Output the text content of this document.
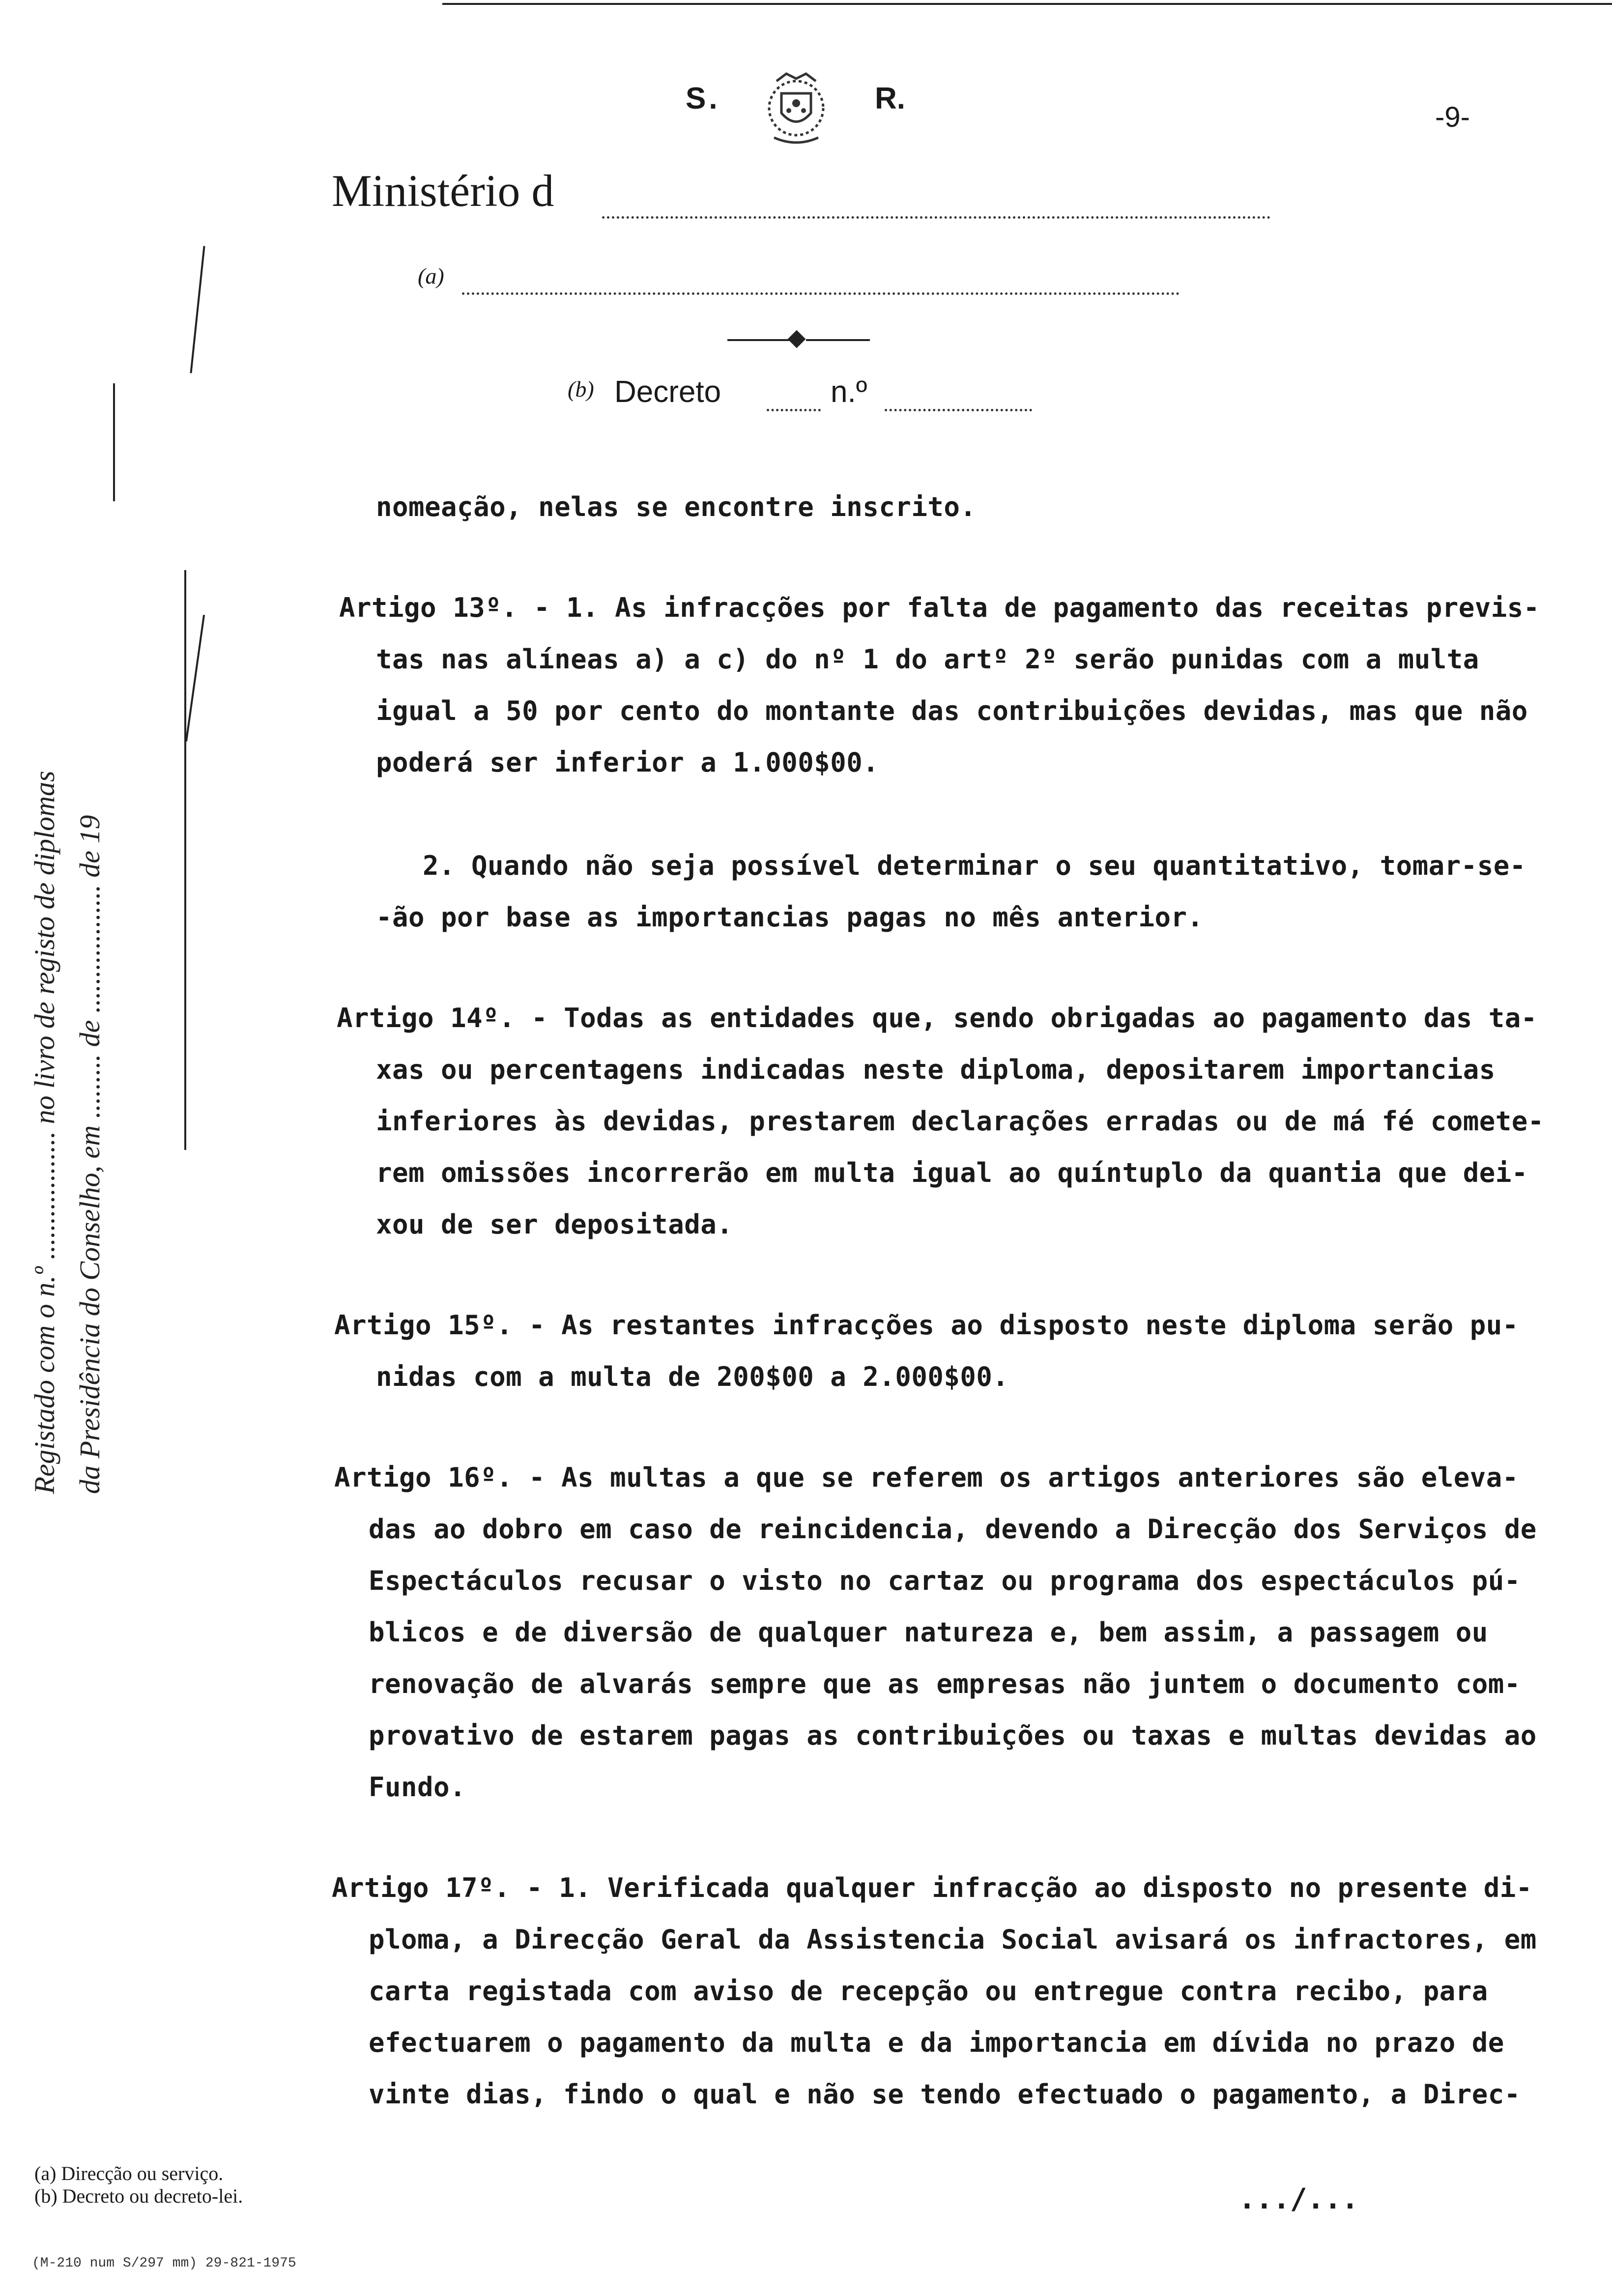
S.	R.
-9-
Ministério d
(a)
(b) Decreto	n.º
nomeação, nelas se encontre inscrito.
Artigo 13º. - 1. As infracções por falta de pagamento das receitas previs-
tas nas alíneas a) a c) do nº 1 do artº 2º serão punidas com a multa
igual a 50 por cento do montante das contribuições devidas, mas que não
poderá ser inferior a 1.000$00.
2. Quando não seja possível determinar o seu quantitativo, tomar-se-
-ão por base as importancias pagas no mês anterior.
Artigo 14º. - Todas as entidades que, sendo obrigadas ao pagamento das ta-
xas ou percentagens indicadas neste diploma, depositarem importancias
inferiores às devidas, prestarem declarações erradas ou de má fé comete-
rem omissões incorrerão em multa igual ao quíntuplo da quantia que dei-
xou de ser depositada.
Artigo 15º. - As restantes infracções ao disposto neste diploma serão pu-
nidas com a multa de 200$00 a 2.000$00.
Artigo 16º. - As multas a que se referem os artigos anteriores são eleva-
das ao dobro em caso de reincidencia, devendo a Direcção dos Serviços de
Espectáculos recusar o visto no cartaz ou programa dos espectáculos pú-
blicos e de diversão de qualquer natureza e, bem assim, a passagem ou
renovação de alvarás sempre que as empresas não juntem o documento com-
provativo de estarem pagas as contribuições ou taxas e multas devidas ao
Fundo.
Artigo 17º. - 1. Verificada qualquer infracção ao disposto no presente di-
ploma, a Direcção Geral da Assistencia Social avisará os infractores, em
carta registada com aviso de recepção ou entregue contra recibo, para
efectuarem o pagamento da multa e da importancia em dívida no prazo de
vinte dias, findo o qual e não se tendo efectuado o pagamento, a Direc-
Registado com o n.º .................. no livro de registo de diplomas da Presidência do Conselho, em ......... de .................. de 19
(a) Direcção ou serviço.
(b) Decreto ou decreto-lei.
(M-210 num S/297 mm) 29-821-1975
.../...
